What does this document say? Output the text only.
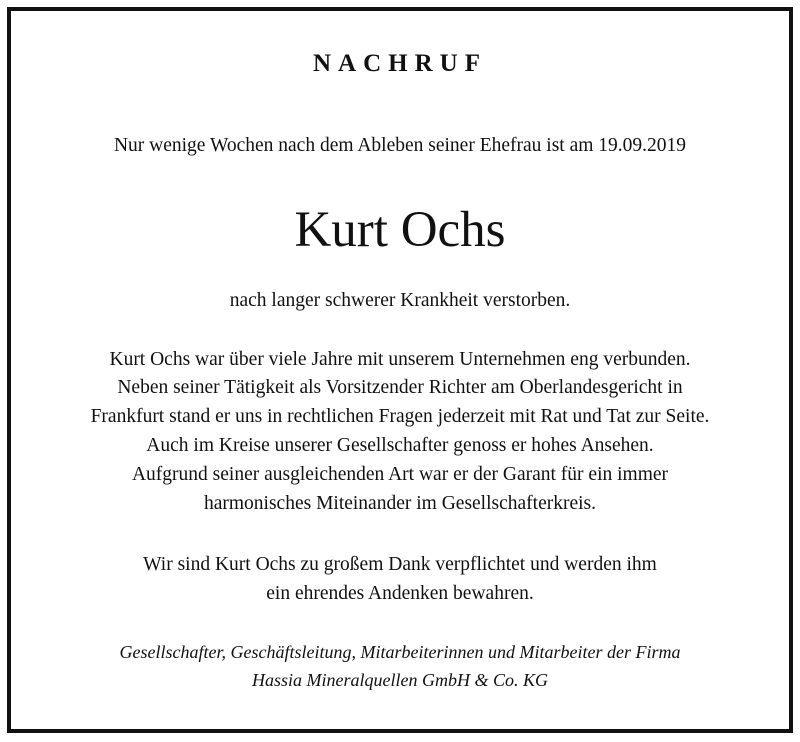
NACHRUF
Nur wenige Wochen nach dem Ableben seiner Ehefrau ist am 19.09.2019
Kurt Ochs
nach langer schwerer Krankheit verstorben.
Kurt Ochs war über viele Jahre mit unserem Unternehmen eng verbunden.
Neben seiner Tätigkeit als Vorsitzender Richter am Oberlandesgericht in
Frankfurt stand er uns in rechtlichen Fragen jederzeit mit Rat und Tat zur Seite.
Auch im Kreise unserer Gesellschafter genoss er hohes Ansehen.
Aufgrund seiner ausgleichenden Art war er der Garant für ein immer
harmonisches Miteinander im Gesellschafterkreis.
Wir sind Kurt Ochs zu großem Dank verpflichtet und werden ihm
ein ehrendes Andenken bewahren.
Gesellschafter, Geschäftsleitung, Mitarbeiterinnen und Mitarbeiter der Firma
Hassia Mineralquellen GmbH & Co. KG
